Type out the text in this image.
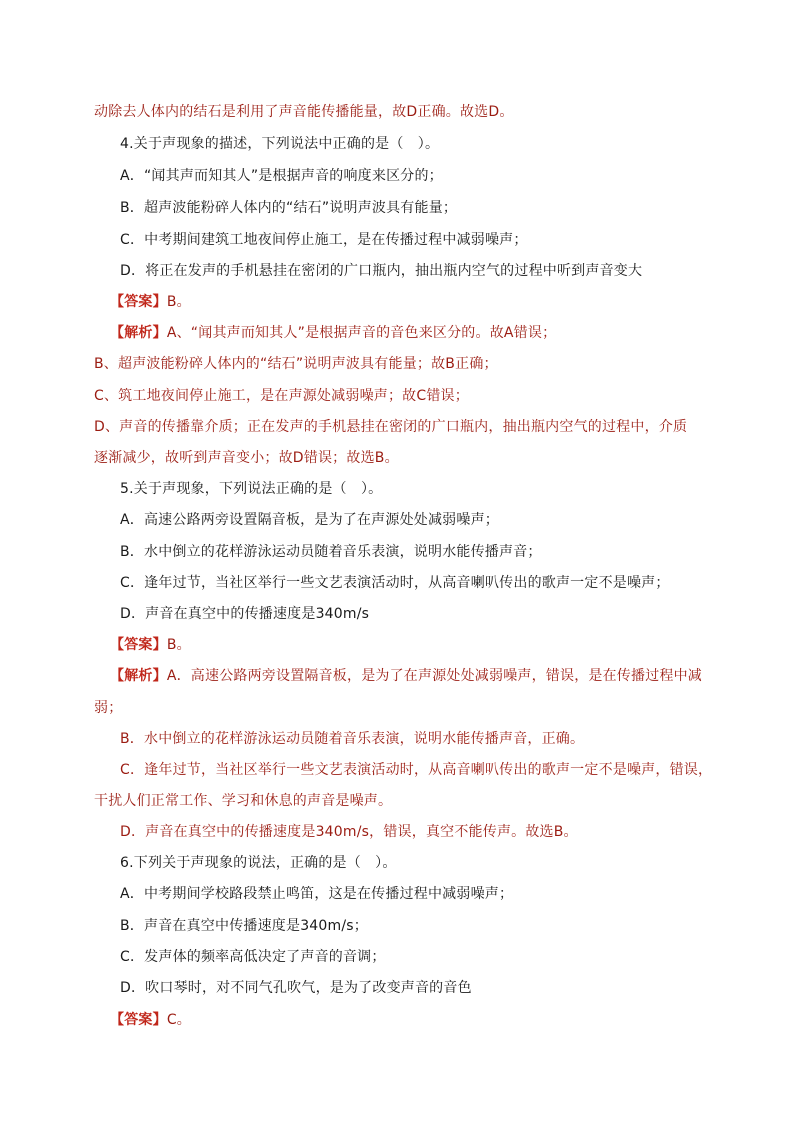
动除去人体内的结石是利用了声音能传播能量，故D正确。故选D。
4.关于声现象的描述，下列说法中正确的是（　）。
A．“闻其声而知其人”是根据声音的响度来区分的；
B．超声波能粉碎人体内的“结石”说明声波具有能量；
C．中考期间建筑工地夜间停止施工，是在传播过程中减弱噪声；
D．将正在发声的手机悬挂在密闭的广口瓶内，抽出瓶内空气的过程中听到声音变大
【答案】B。
【解析】A、“闻其声而知其人”是根据声音的音色来区分的。故A错误；
B、超声波能粉碎人体内的“结石”说明声波具有能量；故B正确；
C、筑工地夜间停止施工，是在声源处减弱噪声；故C错误；
D、声音的传播靠介质；正在发声的手机悬挂在密闭的广口瓶内，抽出瓶内空气的过程中，介质
逐渐减少，故听到声音变小；故D错误；故选B。
5.关于声现象，下列说法正确的是（　）。
A．高速公路两旁设置隔音板，是为了在声源处处减弱噪声；
B．水中倒立的花样游泳运动员随着音乐表演，说明水能传播声音；
C．逢年过节，当社区举行一些文艺表演活动时，从高音喇叭传出的歌声一定不是噪声；
D．声音在真空中的传播速度是340m/s
【答案】B。
【解析】A．高速公路两旁设置隔音板，是为了在声源处处减弱噪声，错误，是在传播过程中减
弱；
B．水中倒立的花样游泳运动员随着音乐表演，说明水能传播声音，正确。
C．逢年过节，当社区举行一些文艺表演活动时，从高音喇叭传出的歌声一定不是噪声，错误，
干扰人们正常工作、学习和休息的声音是噪声。
D．声音在真空中的传播速度是340m/s，错误，真空不能传声。故选B。
6.下列关于声现象的说法，正确的是（　）。
A．中考期间学校路段禁止鸣笛，这是在传播过程中减弱噪声；
B．声音在真空中传播速度是340m/s；
C．发声体的频率高低决定了声音的音调；
D．吹口琴时，对不同气孔吹气，是为了改变声音的音色
【答案】C。
